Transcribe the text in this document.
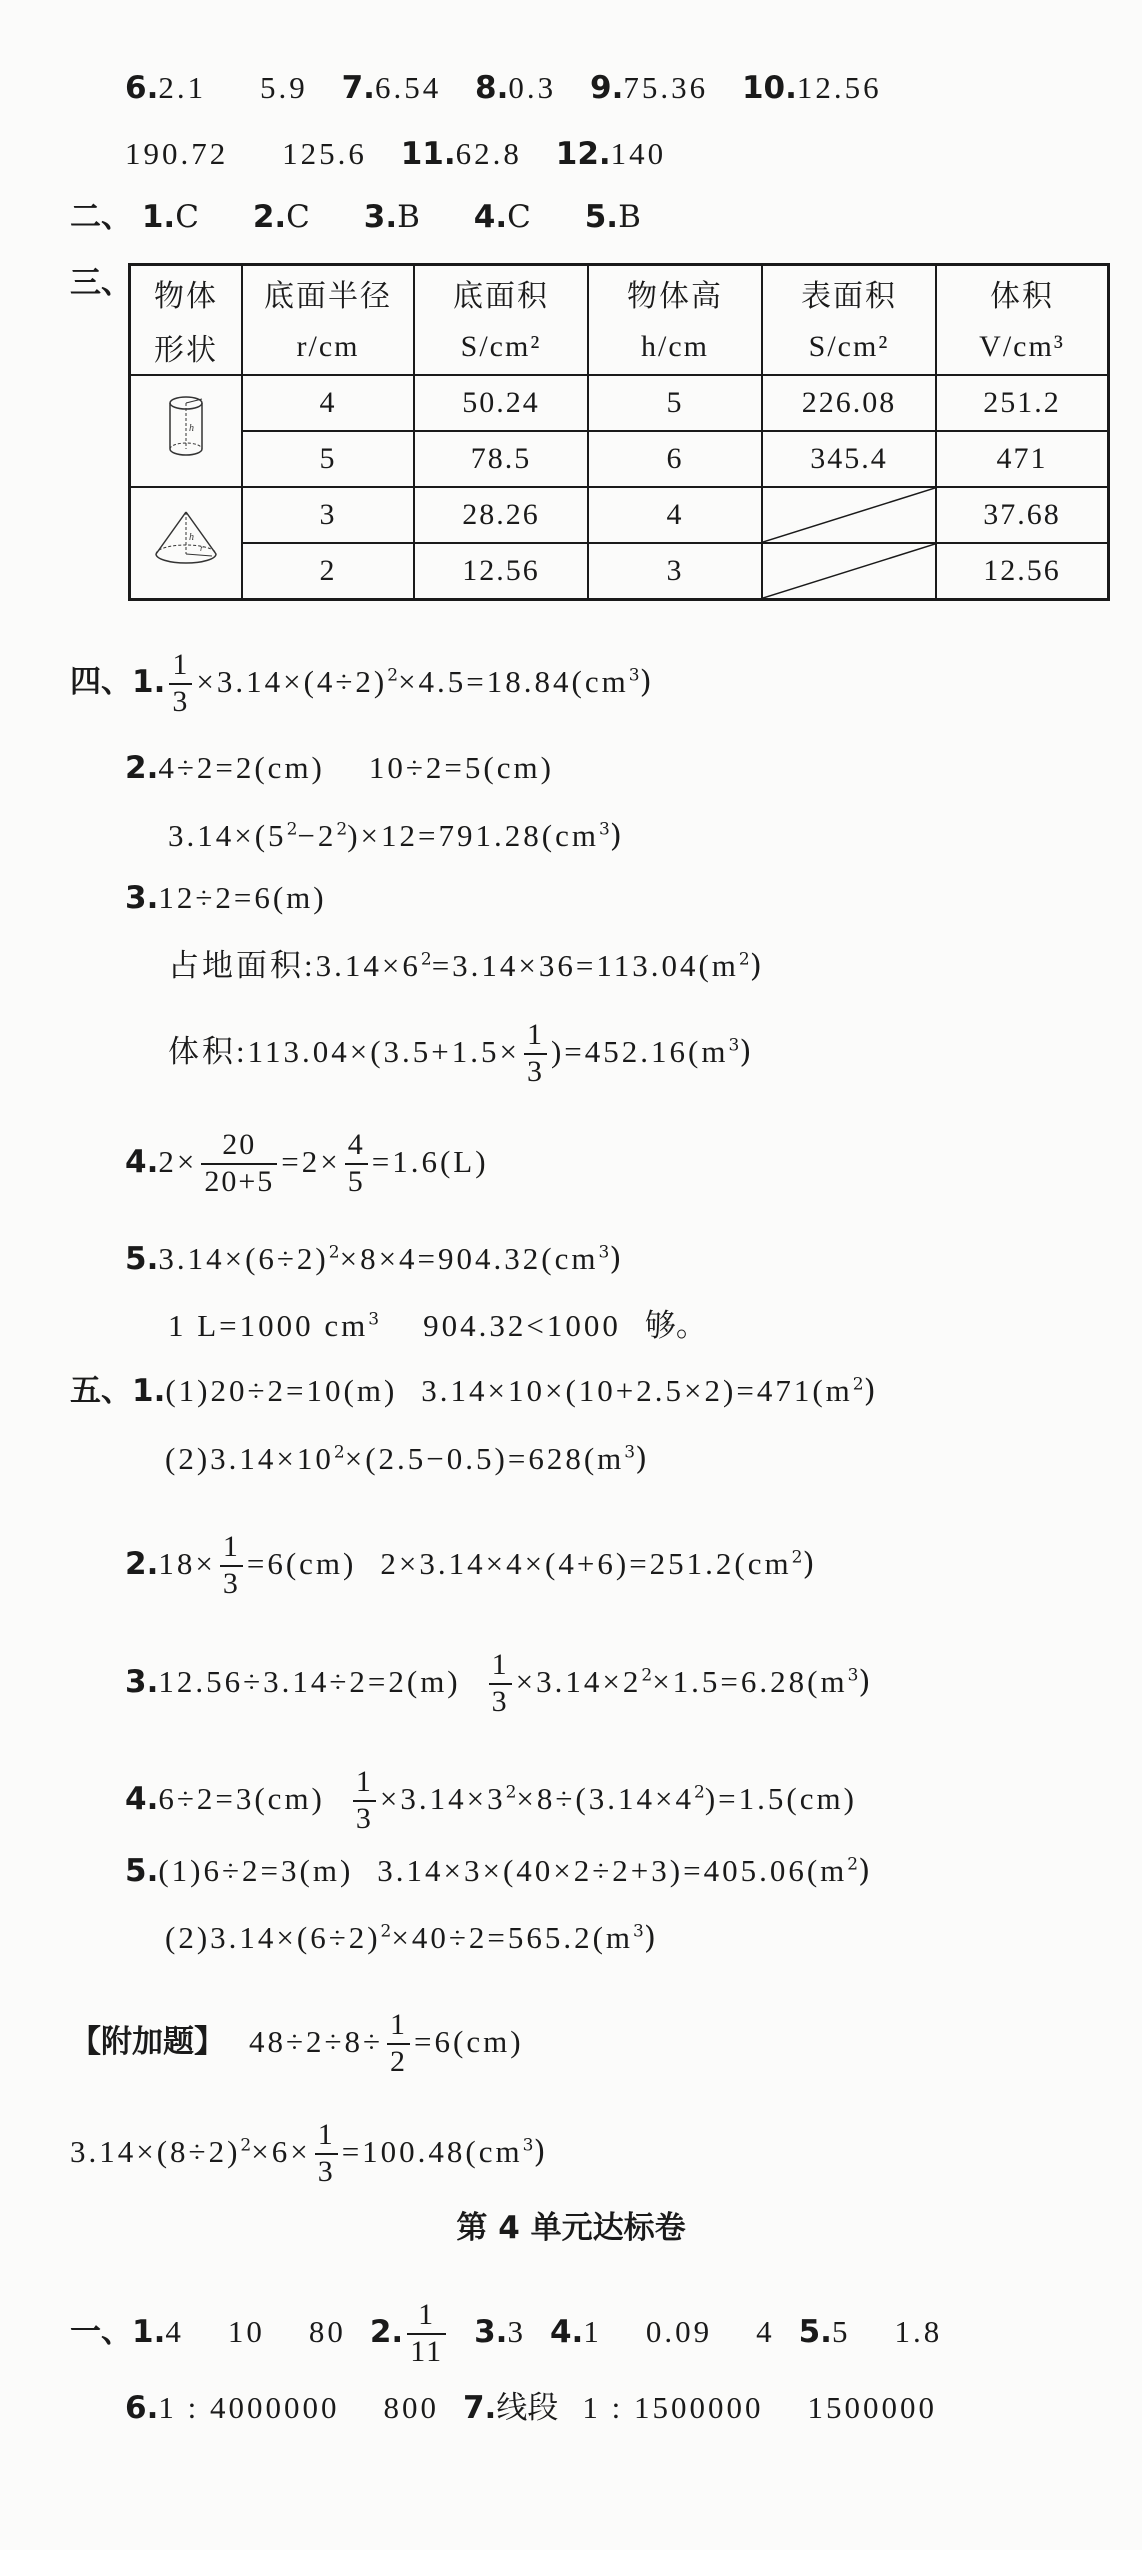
6.2.1 5.9 7.6.54 8.0.3 9.75.36 10.12.56
190.72 125.6 11.62.8 12.140
二、 1.C 2.C 3.B 4.C 5.B
三、 物体	底面半径	底面积	物体高	表面积	体积
形状	r/cm	S/cm²	h/cm	S/cm²	V/cm³

h	4	50.24	5	226.08	251.2
	5	78.5	6	345.4	471

h
r	3	28.26	4		37.68
	2	12.56	3		12.56
四、1. $\frac{1}{3} \times 3.14\times(4\div 2)^2\times 4.5=18.84(cm^3)$
2.4÷2=2(cm) 10÷2=5(cm)
$3.14\times(5^2-2^2)\times 12=791.28(cm^3)$
3.12÷2=6(m)
占地面积$:3.14\times 6^2=3.14\times 36=113.04(m^2)$
体积:113.04×(3.5+1.5× $\frac{1}{3} )=452.16(m^3)$
$4.2\times \frac{20}{20+5} =2\times \frac{4}{5} =1.6(L)$
$5.3.14\times(6\div 2)^2\times 8\times 4=904.32(cm^3)$
1 L=1000 $cm^3$ 904.32<1000 够。
五、1.(1)20÷2=10(m) $3.14\times 10\times(10+2.5\times 2)=471(m^2)$
$(2)3.14\times 10^2\times(2.5-0.5)=628(m^3)$
$2.18\times \frac{1}{3} =6(cm)$ $2\times 3.14\times 4\times(4+6)=251.2(cm^2)$
$3.12.56\div 3.14\div 2=2(m) \frac{1}{3} \times 3.14\times 2^2\times 1.5=6.28(m^3)$
$4.6\div 2=3(cm) \frac{1}{3} \times 3.14\times 3^2\times 8\div(3.14\times 4^2)=1.5(cm)$
5.(1)6÷2=3(m) $3.14\times 3\times(40\times 2\div 2+3)=405.06(m^2)$
$(2)3.14\times(6\div 2)^2\times 40\div 2=565.2(m^3)$
【附加题】 $48\div 2\div 8\div \frac{1}{2} =6(cm)$
$3.14\times(8\div 2)^2\times 6\times \frac{1}{3} =100.48(cm^3)$
第 4 单元达标卷
一、1.4 10 80 2. $\frac{1}{11} 3.3$ 4.1 0.09 4 5.5 1.8
6.1 : 4000000 800 7.线段 1 : 1500000 1500000
